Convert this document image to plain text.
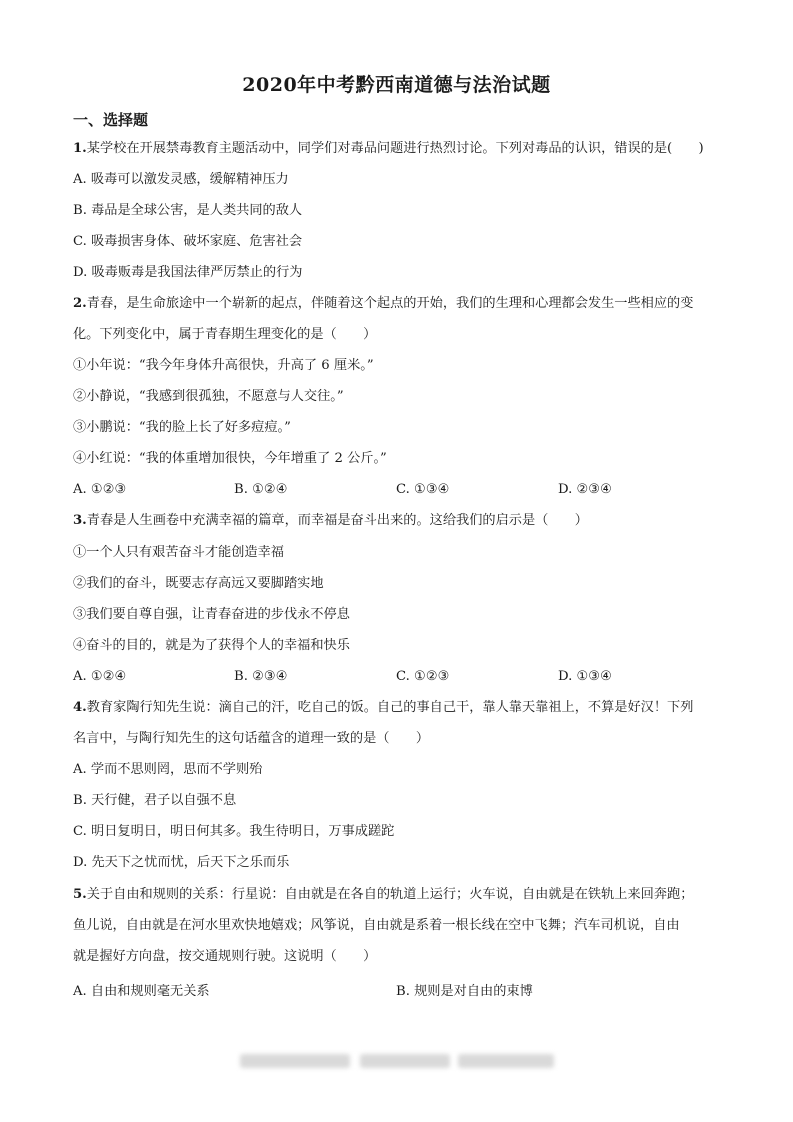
2020年中考黔西南道德与法治试题
一、选择题
1.某学校在开展禁毒教育主题活动中，同学们对毒品问题进行热烈讨论。下列对毒品的认识，错误的是(　　)
A. 吸毒可以激发灵感，缓解精神压力
B. 毒品是全球公害，是人类共同的敌人
C. 吸毒损害身体、破坏家庭、危害社会
D. 吸毒贩毒是我国法律严厉禁止的行为
2.青春，是生命旅途中一个崭新的起点，伴随着这个起点的开始，我们的生理和心理都会发生一些相应的变
化。下列变化中，属于青春期生理变化的是（　　）
①小年说：“我今年身体升高很快，升高了 6 厘米。”
②小静说，“我感到很孤独，不愿意与人交往。”
③小鹏说：“我的脸上长了好多痘痘。”
④小红说：“我的体重增加很快，今年增重了 2 公斤。”
A. ①②③	B. ①②④	C. ①③④	D. ②③④
3.青春是人生画卷中充满幸福的篇章，而幸福是奋斗出来的。这给我们的启示是（　　）
①一个人只有艰苦奋斗才能创造幸福
②我们的奋斗，既要志存高远又要脚踏实地
③我们要自尊自强，让青春奋进的步伐永不停息
④奋斗的目的，就是为了获得个人的幸福和快乐
A. ①②④	B. ②③④	C. ①②③	D. ①③④
4.教育家陶行知先生说：滴自己的汗，吃自己的饭。自己的事自己干，靠人靠天靠祖上，不算是好汉！下列
名言中，与陶行知先生的这句话蕴含的道理一致的是（　　）
A. 学而不思则罔，思而不学则殆
B. 天行健，君子以自强不息
C. 明日复明日，明日何其多。我生待明日，万事成蹉跎
D. 先天下之忧而忧，后天下之乐而乐
5.关于自由和规则的关系：行星说：自由就是在各自的轨道上运行；火车说，自由就是在铁轨上来回奔跑；
鱼儿说，自由就是在河水里欢快地嬉戏；风筝说，自由就是系着一根长线在空中飞舞；汽车司机说，自由
就是握好方向盘，按交通规则行驶。这说明（　　）
A. 自由和规则毫无关系	B. 规则是对自由的束博
